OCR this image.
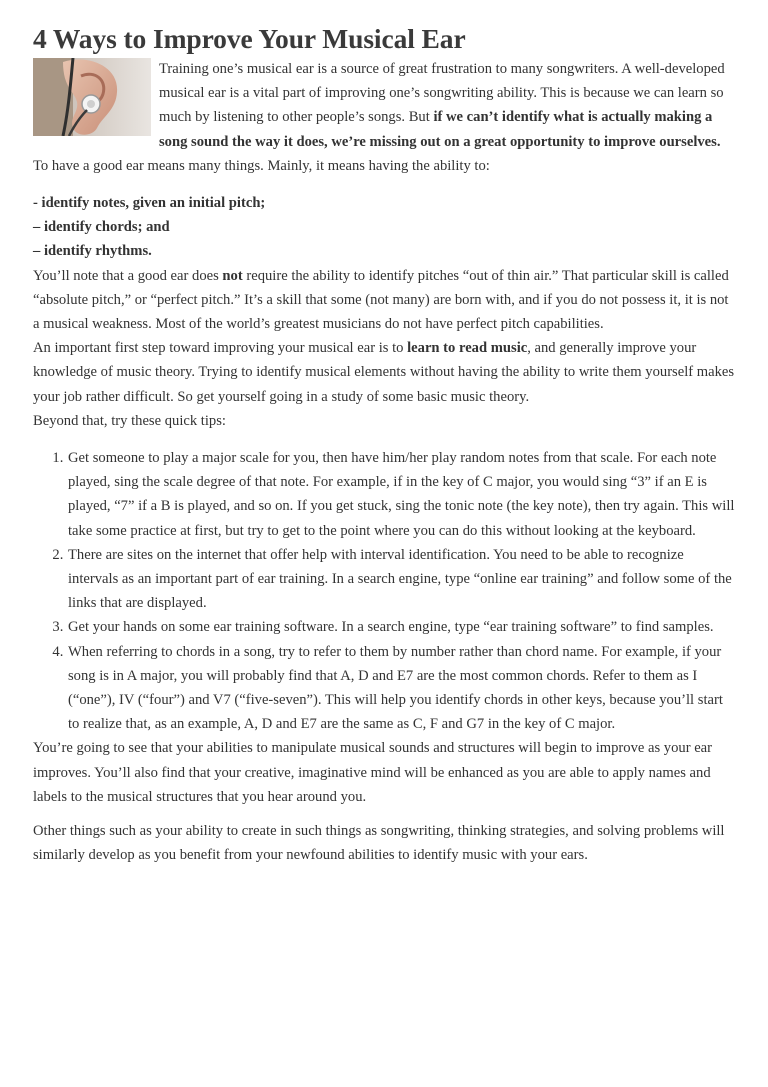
4 Ways to Improve Your Musical Ear

Training one’s musical ear is a source of great frustration to many songwriters. A well-developed musical ear is a vital part of improving one’s songwriting ability. This is because we can learn so much by listening to other people’s songs. But if we can’t identify what is actually making a song sound the way it does, we’re missing out on a great opportunity to improve ourselves.

To have a good ear means many things. Mainly, it means having the ability to:

- identify notes, given an initial pitch;
– identify chords; and
– identify rhythms.

You’ll note that a good ear does not require the ability to identify pitches “out of thin air.” That particular skill is called “absolute pitch,” or “perfect pitch.” It’s a skill that some (not many) are born with, and if you do not possess it, it is not a musical weakness. Most of the world’s greatest musicians do not have perfect pitch capabilities.

An important first step toward improving your musical ear is to learn to read music, and generally improve your knowledge of music theory. Trying to identify musical elements without having the ability to write them yourself makes your job rather difficult. So get yourself going in a study of some basic music theory.

Beyond that, try these quick tips:

1. Get someone to play a major scale for you, then have him/her play random notes from that scale. For each note played, sing the scale degree of that note. For example, if in the key of C major, you would sing “3” if an E is played, “7” if a B is played, and so on. If you get stuck, sing the tonic note (the key note), then try again. This will take some practice at first, but try to get to the point where you can do this without looking at the keyboard.
2. There are sites on the internet that offer help with interval identification. You need to be able to recognize intervals as an important part of ear training. In a search engine, type “online ear training” and follow some of the links that are displayed.
3. Get your hands on some ear training software. In a search engine, type “ear training software” to find samples.
4. When referring to chords in a song, try to refer to them by number rather than chord name. For example, if your song is in A major, you will probably find that A, D and E7 are the most common chords. Refer to them as I (“one”), IV (“four”) and V7 (“five-seven”). This will help you identify chords in other keys, because you’ll start to realize that, as an example, A, D and E7 are the same as C, F and G7 in the key of C major.

You’re going to see that your abilities to manipulate musical sounds and structures will begin to improve as your ear improves. You’ll also find that your creative, imaginative mind will be enhanced as you are able to apply names and labels to the musical structures that you hear around you.

Other things such as your ability to create in such things as songwriting, thinking strategies, and solving problems will similarly develop as you benefit from your newfound abilities to identify music with your ears.
